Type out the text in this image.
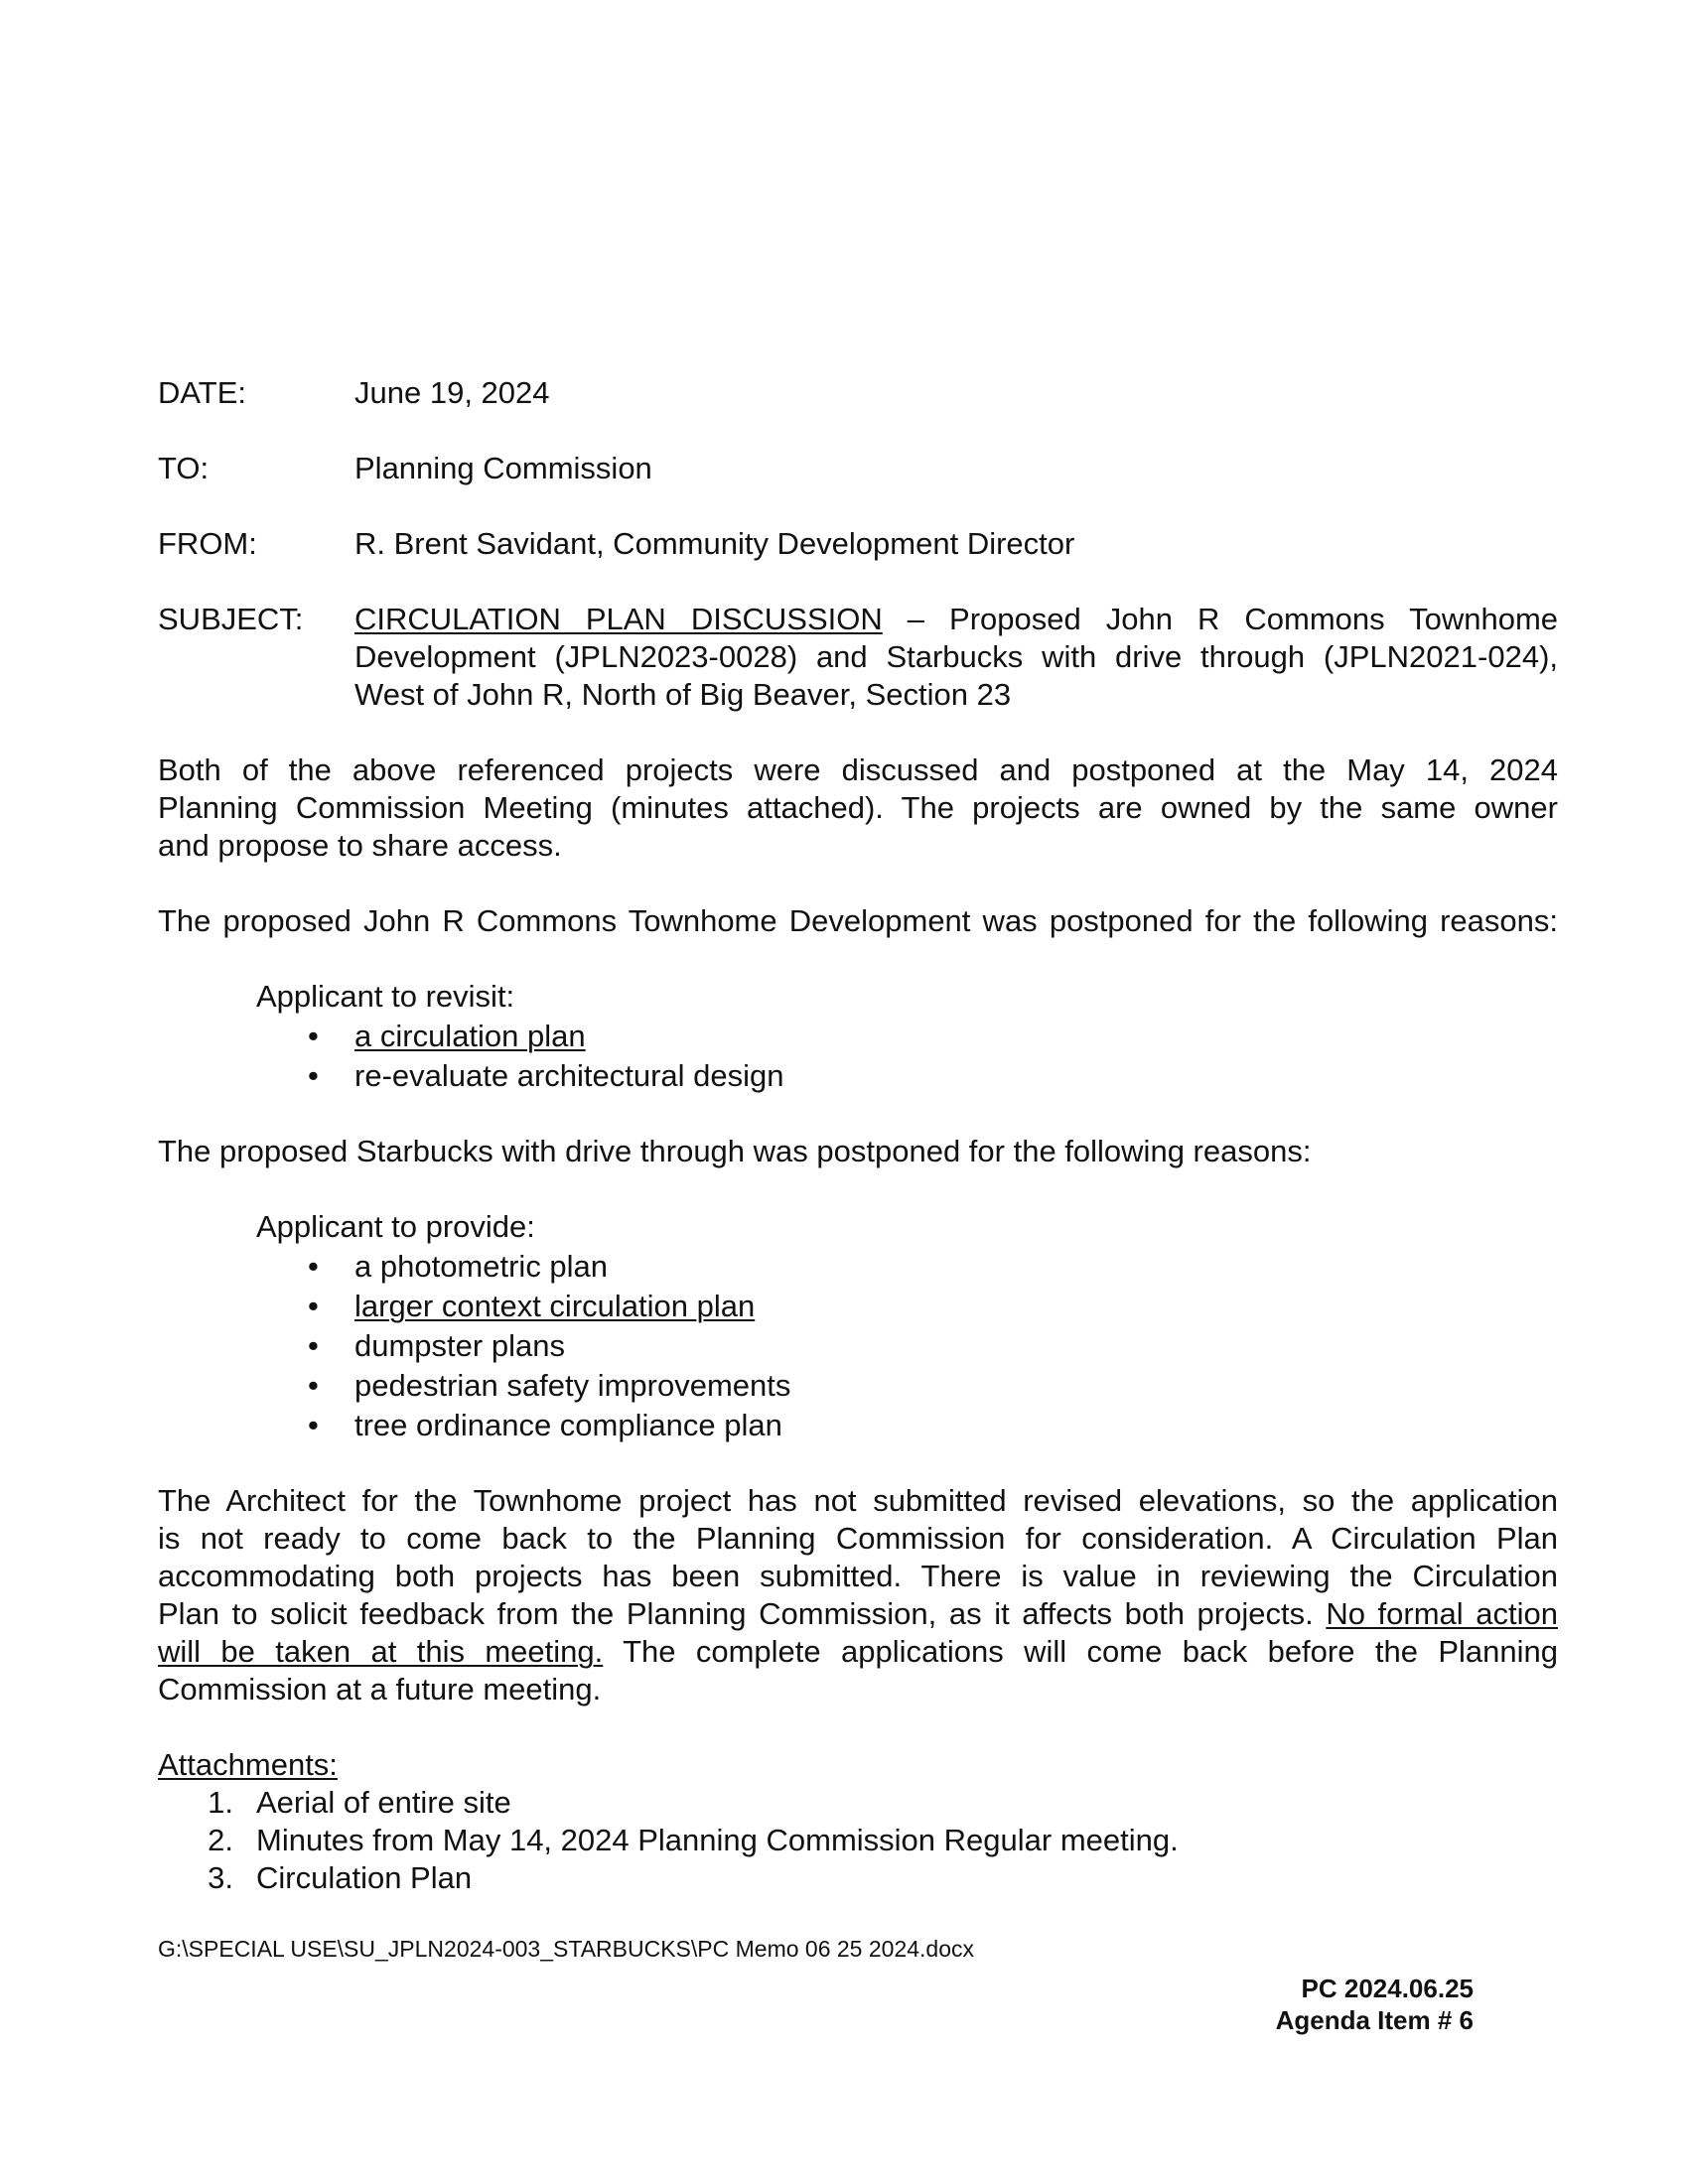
DATE:	June 19, 2024
TO:	Planning Commission
FROM:	R. Brent Savidant, Community Development Director
SUBJECT: CIRCULATION PLAN DISCUSSION – Proposed John R Commons Townhome
Development (JPLN2023-0028) and Starbucks with drive through (JPLN2021-024),
West of John R, North of Big Beaver, Section 23
Both of the above referenced projects were discussed and postponed at the May 14, 2024
Planning Commission Meeting (minutes attached). The projects are owned by the same owner
and propose to share access.
The proposed John R Commons Townhome Development was postponed for the following reasons:
Applicant to revisit:
• a circulation plan
• re-evaluate architectural design
The proposed Starbucks with drive through was postponed for the following reasons:
Applicant to provide:
• a photometric plan
• larger context circulation plan
• dumpster plans
• pedestrian safety improvements
• tree ordinance compliance plan
The Architect for the Townhome project has not submitted revised elevations, so the application
is not ready to come back to the Planning Commission for consideration. A Circulation Plan
accommodating both projects has been submitted. There is value in reviewing the Circulation
Plan to solicit feedback from the Planning Commission, as it affects both projects. No formal action
will be taken at this meeting. The complete applications will come back before the Planning
Commission at a future meeting.
Attachments:
1. Aerial of entire site
2. Minutes from May 14, 2024 Planning Commission Regular meeting.
3. Circulation Plan
G:\SPECIAL USE\SU_JPLN2024-003_STARBUCKS\PC Memo 06 25 2024.docx
PC 2024.06.25
Agenda Item # 6
